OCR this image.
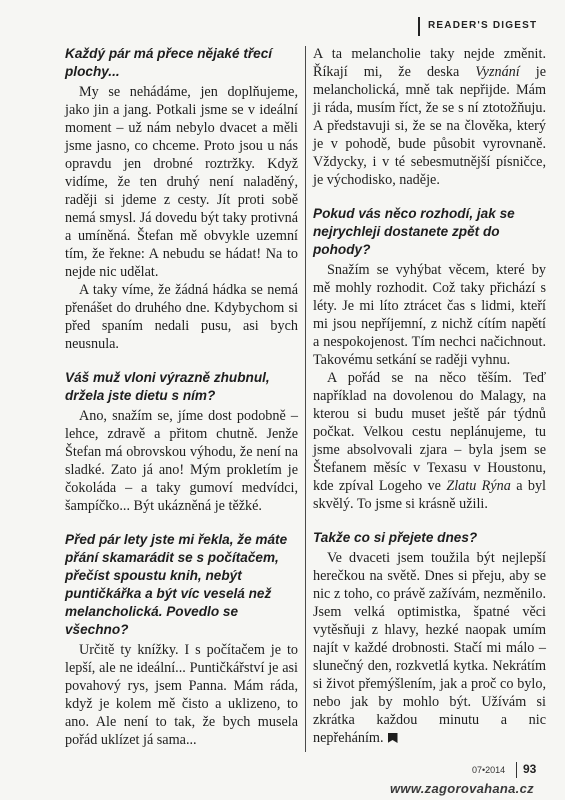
READER'S DIGEST
Každý pár má přece nějaké třecí plochy...

My se nehádáme, jen doplňujeme, jako jin a jang. Potkali jsme se v ideální moment – už nám nebylo dvacet a měli jsme jasno, co chceme. Proto jsou u nás opravdu jen drobné roztržky. Když vidíme, že ten druhý není naladěný, raději si jdeme z cesty. Jít proti sobě nemá smysl. Já dovedu být taky protivná a umíněná. Štefan mě obvykle uzemní tím, že řekne: A nebudu se hádat! Na to nejde nic udělat.

A taky víme, že žádná hádka se nemá přenášet do druhého dne. Kdybychom si před spaním nedali pusu, asi bych neusnula.

Váš muž vloni výrazně zhubnul, držela jste dietu s ním?

Ano, snažím se, jíme dost podobně – lehce, zdravě a přitom chutně. Jenže Štefan má obrovskou výhodu, že není na sladké. Zato já ano! Mým prokletím je čokoláda – a taky gumoví medvídci, šampíčko... Být ukázněná je těžké.

Před pár lety jste mi řekla, že máte přání skamarádit se s počítačem, přečíst spoustu knih, nebýt puntičkářka a být víc veselá než melancholická. Povedlo se všechno?

Určitě ty knížky. I s počítačem je to lepší, ale ne ideální... Puntičkářství je asi povahový rys, jsem Panna. Mám ráda, když je kolem mě čisto a uklizeno, to ano. Ale není to tak, že bych musela pořád uklízet já sama...

A ta melancholie taky nejde změnit. Říkají mi, že deska Vyznání je melancholická, mně tak nepřijde. Mám ji ráda, musím říct, že se s ní ztotožňuju. A představuji si, že se na člověka, který je v pohodě, bude působit vyrovnaně. Vždycky, i v té sebesmutnější písničce, je východisko, naděje.

Pokud vás něco rozhodí, jak se nejrychleji dostanete zpět do pohody?

Snažím se vyhýbat věcem, které by mě mohly rozhodit. Což taky přichází s léty. Je mi líto ztrácet čas s lidmi, kteří mi jsou nepříjemní, z nichž cítím napětí a nespokojenost. Tím nechci načichnout. Takovému setkání se raději vyhnu.

A pořád se na něco těším. Teď například na dovolenou do Malagy, na kterou si budu muset ještě pár týdnů počkat. Velkou cestu neplánujeme, tu jsme absolvovali zjara – byla jsem se Štefanem měsíc v Texasu v Houstonu, kde zpíval Logeho ve Zlatu Rýna a byl skvělý. To jsme si krásně užili.

Takže co si přejete dnes?

Ve dvaceti jsem toužila být nejlepší herečkou na světě. Dnes si přeju, aby se nic z toho, co právě zažívám, nezměnilo. Jsem velká optimistka, špatné věci vytěsňuji z hlavy, hezké naopak umím najít v každé drobnosti. Stačí mi málo – slunečný den, rozkvetlá kytka. Nekrátím si život přemýšlením, jak a proč co bylo, nebo jak by mohlo být. Užívám si zkrátka každou minutu a nic nepřeháním.

07•2014 93
www.zagorovahana.cz
